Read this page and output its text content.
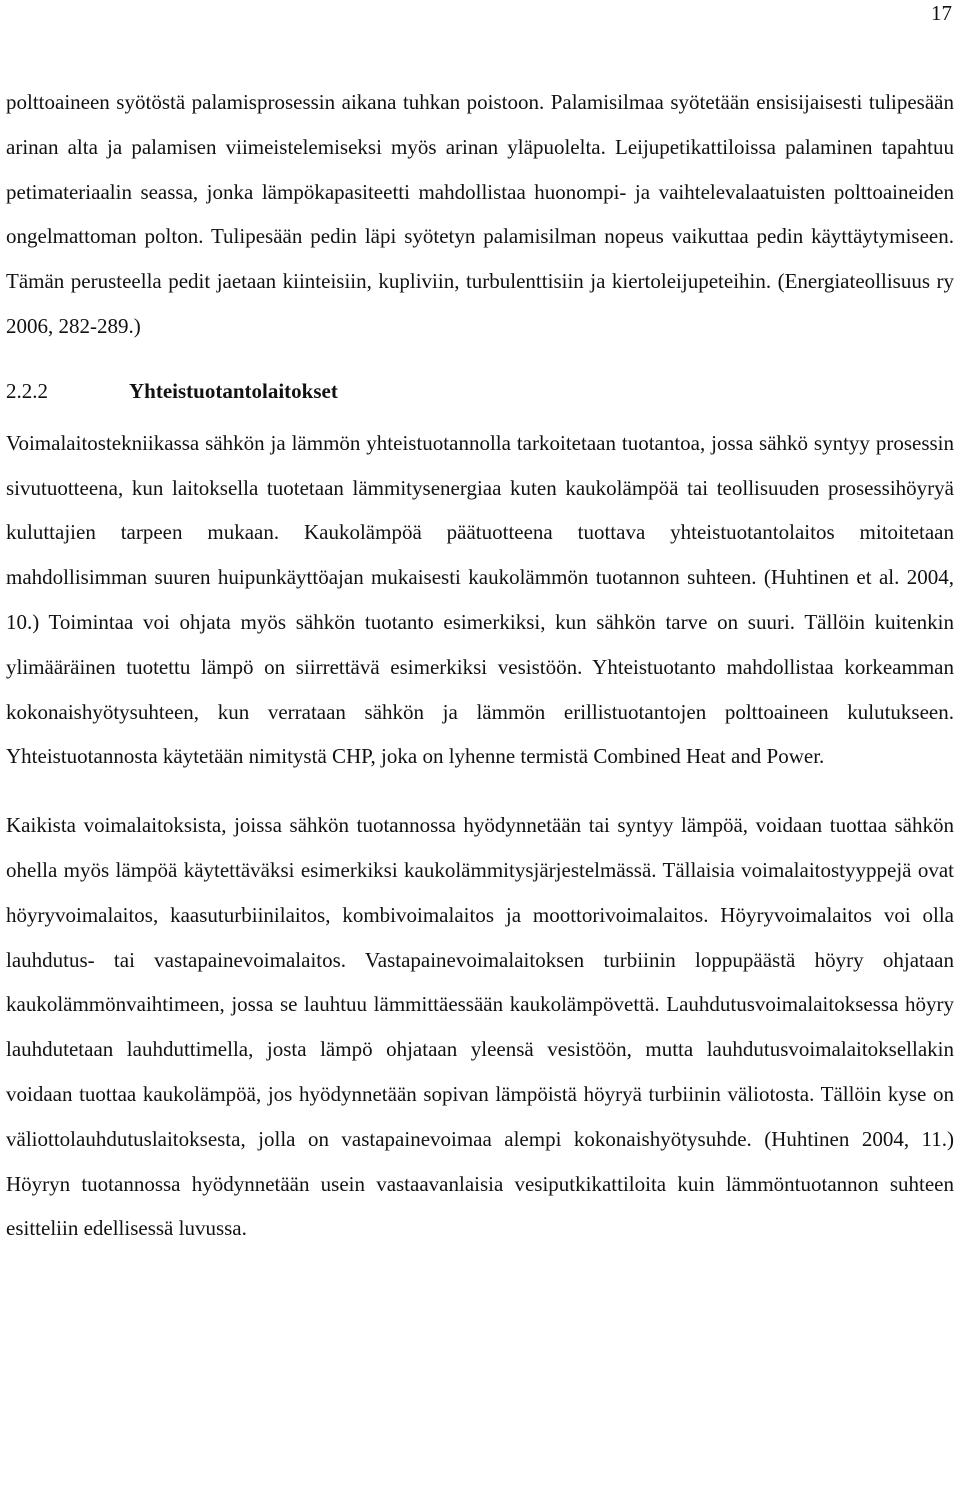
17

polttoaineen syötöstä palamisprosessin aikana tuhkan poistoon. Palamisilmaa syötetään ensisijaisesti tulipesään arinan alta ja palamisen viimeistelemiseksi myös arinan yläpuolelta. Leijupetikattiloissa palaminen tapahtuu petimateriaalin seassa, jonka lämpökapasiteetti mahdollistaa huonompi- ja vaihtelevalaatuisten polttoaineiden ongelmattoman polton. Tulipesään pedin läpi syötetyn palamisilman nopeus vaikuttaa pedin käyttäytymiseen. Tämän perusteella pedit jaetaan kiinteisiin, kupliviin, turbulenttisiin ja kiertoleijupeteihin. (Energiateollisuus ry 2006, 282-289.)

2.2.2	Yhteistuotantolaitokset

Voimalaitostekniikassa sähkön ja lämmön yhteistuotannolla tarkoitetaan tuotantoa, jossa sähkö syntyy prosessin sivutuotteena, kun laitoksella tuotetaan lämmitysenergiaa kuten kaukolämpöä tai teollisuuden prosessihöyryä kuluttajien tarpeen mukaan. Kaukolämpöä päätuotteena tuottava yhteistuotantolaitos mitoitetaan mahdollisimman suuren huipunkäyttöajan mukaisesti kaukolämmön tuotannon suhteen. (Huhtinen et al. 2004, 10.) Toimintaa voi ohjata myös sähkön tuotanto esimerkiksi, kun sähkön tarve on suuri. Tällöin kuitenkin ylimääräinen tuotettu lämpö on siirrettävä esimerkiksi vesistöön. Yhteistuotanto mahdollistaa korkeamman kokonaishyötysuhteen, kun verrataan sähkön ja lämmön erillistuotantojen polttoaineen kulutukseen. Yhteistuotannosta käytetään nimitystä CHP, joka on lyhenne termistä Combined Heat and Power.

Kaikista voimalaitoksista, joissa sähkön tuotannossa hyödynnetään tai syntyy lämpöä, voidaan tuottaa sähkön ohella myös lämpöä käytettäväksi esimerkiksi kaukolämmitysjärjestelmässä. Tällaisia voimalaitostyyppejä ovat höyryvoimalaitos, kaasuturbiinilaitos, kombivoimalaitos ja moottorivoimalaitos. Höyryvoimalaitos voi olla lauhdutus- tai vastapainevoimalaitos. Vastapainevoimalaitoksen turbiinin loppupäästä höyry ohjataan kaukolämmönvaihtimeen, jossa se lauhtuu lämmittäessään kaukolämpövettä. Lauhdutusvoimalaitoksessa höyry lauhdutetaan lauhduttimella, josta lämpö ohjataan yleensä vesistöön, mutta lauhdutusvoimalaitoksellakin voidaan tuottaa kaukolämpöä, jos hyödynnetään sopivan lämpöistä höyryä turbiinin väliotosta. Tällöin kyse on väliottolauhdutuslaitoksesta, jolla on vastapainevoimaa alempi kokonaishyötysuhde. (Huhtinen 2004, 11.) Höyryn tuotannossa hyödynnetään usein vastaavanlaisia vesiputkikattiloita kuin lämmöntuotannon suhteen esitteliin edellisessä luvussa.
